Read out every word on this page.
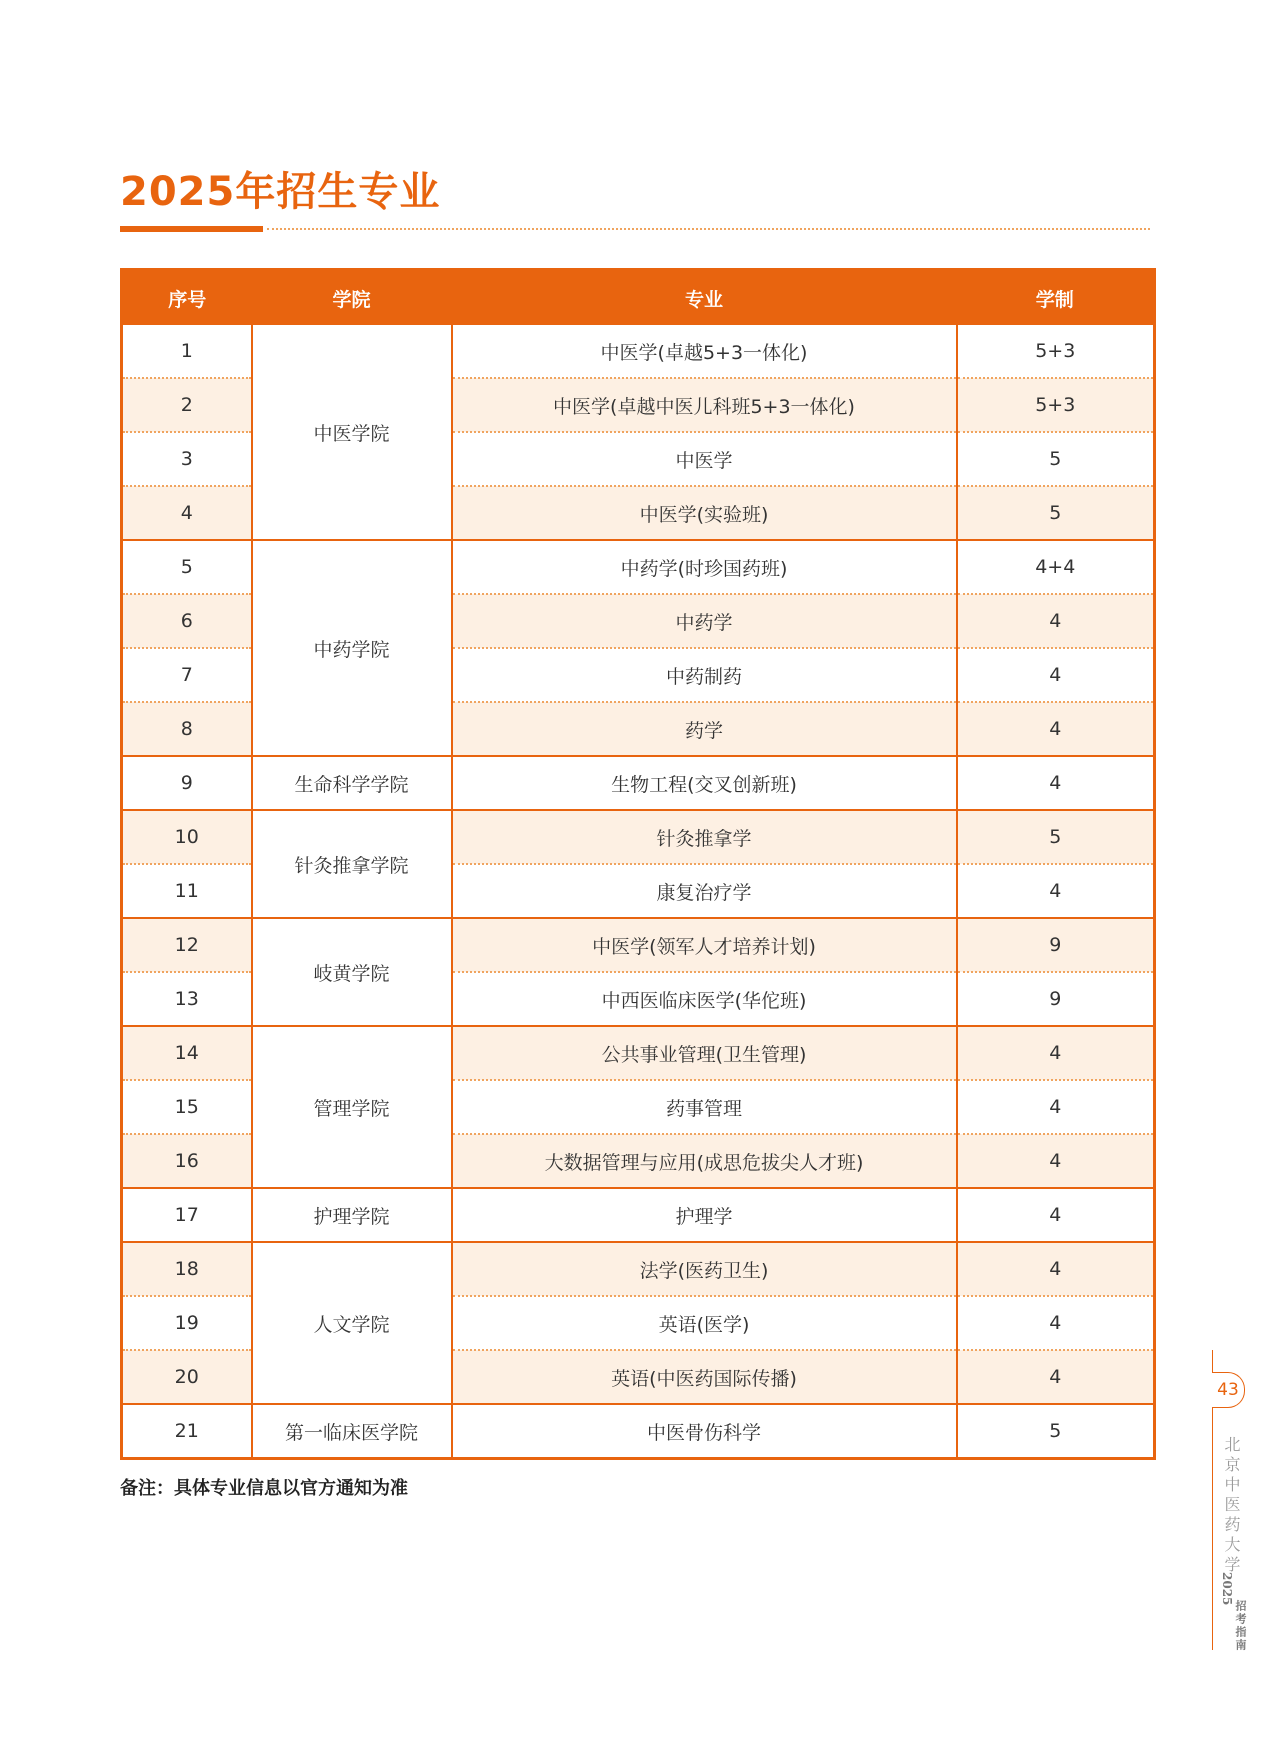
2025年招生专业
序号	学院	专业	学制
1	中医学院	中医学(卓越5+3一体化)	5+3
2		中医学(卓越中医儿科班5+3一体化)	5+3
3		中医学	5
4		中医学(实验班)	5
5	中药学院	中药学(时珍国药班)	4+4
6		中药学	4
7		中药制药	4
8		药学	4
9	生命科学学院	生物工程(交叉创新班)	4
10	针灸推拿学院	针灸推拿学	5
11		康复治疗学	4
12	岐黄学院	中医学(领军人才培养计划)	9
13		中西医临床医学(华佗班)	9
14	管理学院	公共事业管理(卫生管理)	4
15		药事管理	4
16		大数据管理与应用(成思危拔尖人才班)	4
17	护理学院	护理学	4
18	人文学院	法学(医药卫生)	4
19		英语(医学)	4
20		英语(中医药国际传播)	4
21	第一临床医学院	中医骨伤科学	5
备注：具体专业信息以官方通知为准
43
北京中医药大学
2025
招考指南
